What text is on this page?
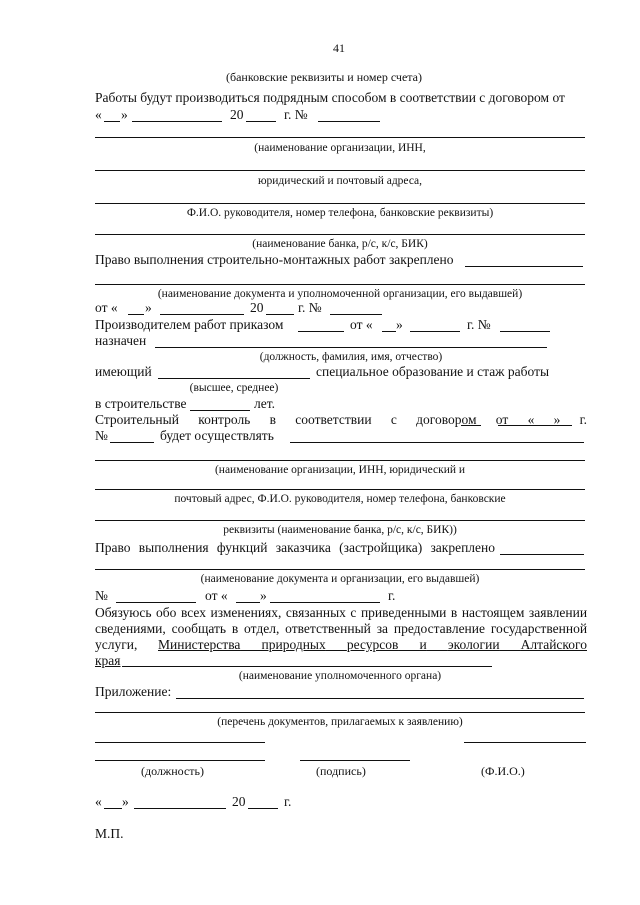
41
(банковские реквизиты и номер счета)
Работы будут производиться подрядным способом в соответствии с договором от
« »	20	г. №
(наименование организации, ИНН,
юридический и почтовый адреса,
Ф.И.О. руководителя, номер телефона, банковские реквизиты)
(наименование банка, р/с, к/с, БИК)
Право выполнения строительно-монтажных работ закреплено
(наименование документа и уполномоченной организации, его выдавшей)
от « »	20	г. №
Производителем работ приказом	от « »	г. №
назначен
(должность, фамилия, имя, отчество)
имеющий	специальное образование и стаж работы
(высшее, среднее)
в строительстве	лет.
Строительный контроль в соответствии с договором от « » г.
№	будет осуществлять
(наименование организации, ИНН, юридический и
почтовый адрес, Ф.И.О. руководителя, номер телефона, банковские
реквизиты (наименование банка, р/с, к/с, БИК))
Право выполнения функций заказчика (застройщика) закреплено
(наименование документа и организации, его выдавшей)
№	от « »	г.
Обязуюсь обо всех изменениях, связанных с приведенными в настоящем заявлении
сведениями, сообщать в отдел, ответственный за предоставление государственной
услуги, Министерства природных ресурсов и экологии Алтайского
края
(наименование уполномоченного органа)
Приложение:
(перечень документов, прилагаемых к заявлению)
(должность)	(подпись)	(Ф.И.О.)
« »	20	г.
М.П.
